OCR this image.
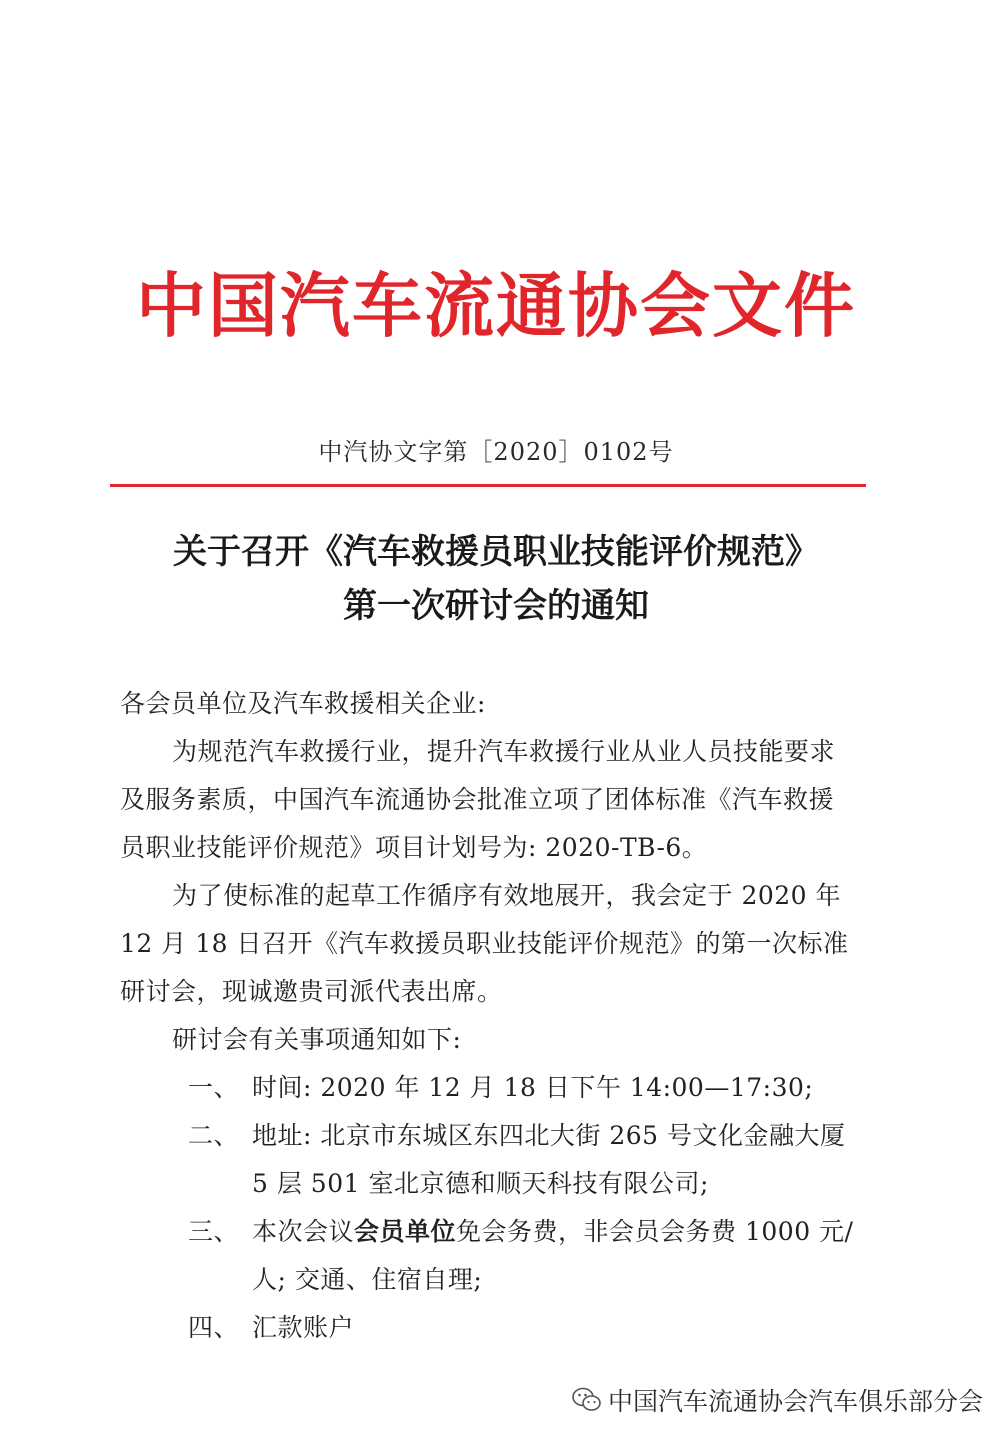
中国汽车流通协会文件
中汽协文字第［2020］0102号
关于召开《汽车救援员职业技能评价规范》
第一次研讨会的通知
各会员单位及汽车救援相关企业:
为规范汽车救援行业，提升汽车救援行业从业人员技能要求
及服务素质，中国汽车流通协会批准立项了团体标准《汽车救援
员职业技能评价规范》项目计划号为: 2020-TB-6。
为了使标准的起草工作循序有效地展开，我会定于 2020 年
12 月 18 日召开《汽车救援员职业技能评价规范》的第一次标准
研讨会，现诚邀贵司派代表出席。
研讨会有关事项通知如下:
一、 时间: 2020 年 12 月 18 日下午 14:00—17:30;
二、 地址: 北京市东城区东四北大街 265 号文化金融大厦
5 层 501 室北京德和顺天科技有限公司;
三、 本次会议会员单位免会务费，非会员会务费 1000 元/
人; 交通、住宿自理;
四、 汇款账户
中国汽车流通协会汽车俱乐部分会
